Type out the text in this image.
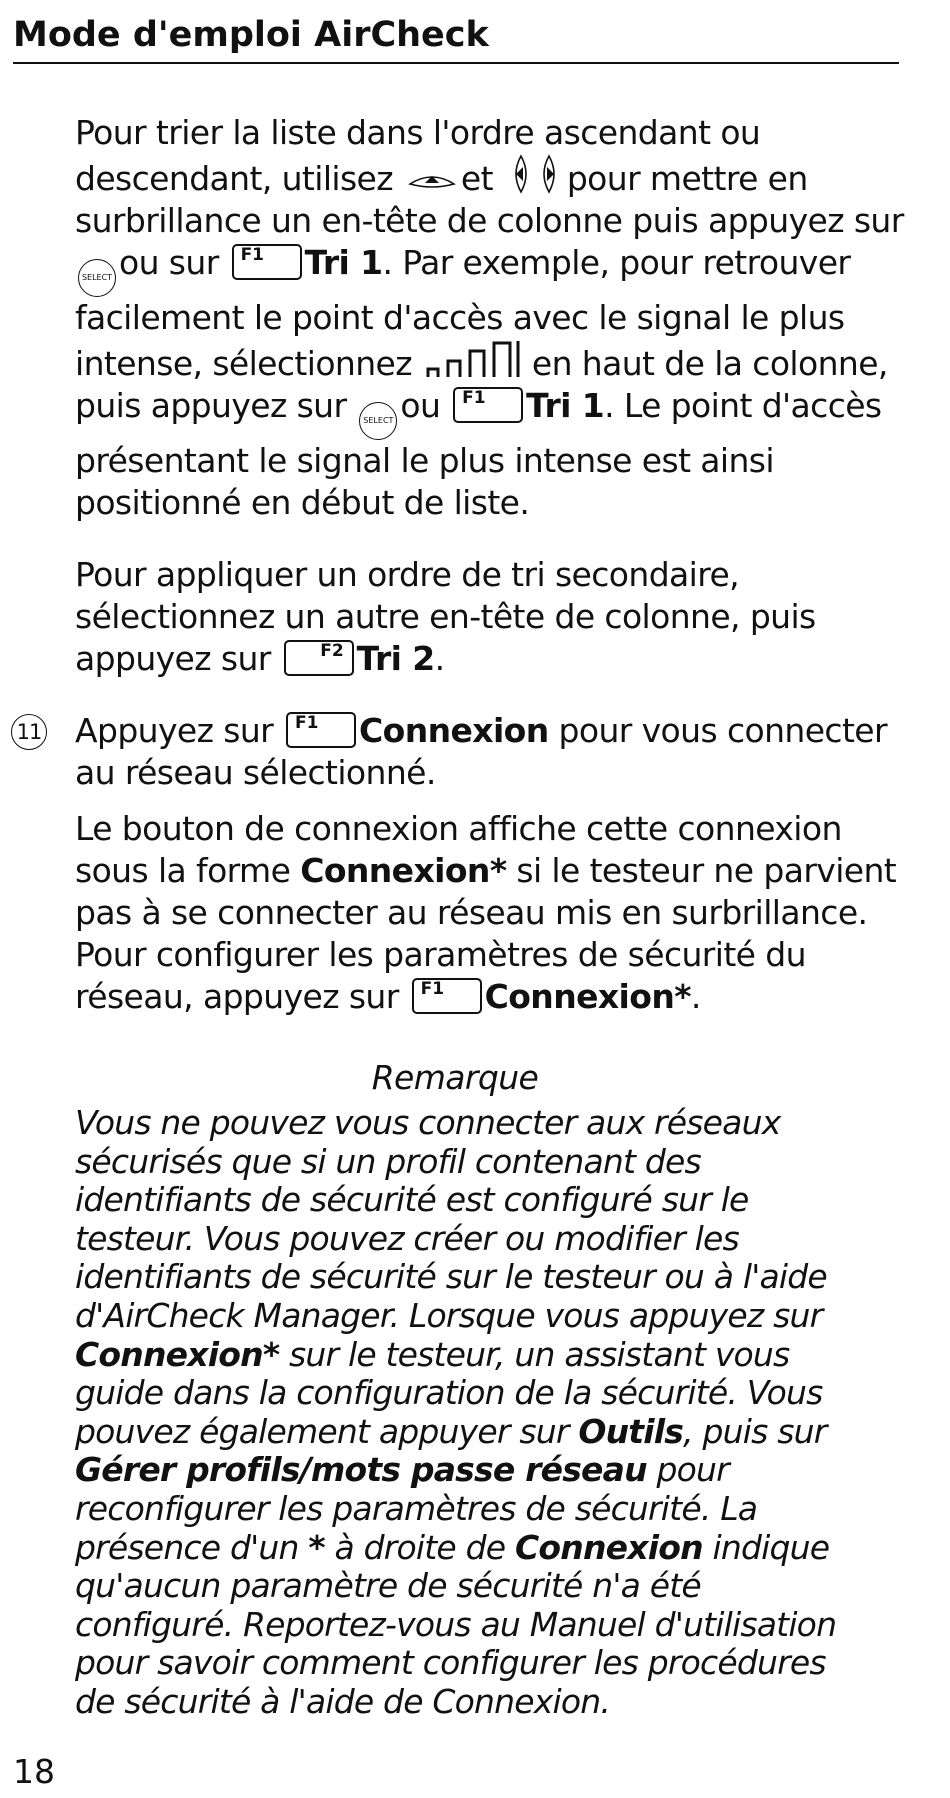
Mode d'emploi AirCheck

Pour trier la liste dans l'ordre ascendant ou descendant, utilisez et pour mettre en surbrillance un en-tête de colonne puis appuyez sur SELECT ou sur F1 Tri 1. Par exemple, pour retrouver facilement le point d'accès avec le signal le plus intense, sélectionnez	en haut de la colonne, puis appuyez sur SELECT ou F1 Tri 1. Le point d'accès présentant le signal le plus intense est ainsi positionné en début de liste.

Pour appliquer un ordre de tri secondaire, sélectionnez un autre en-tête de colonne, puis appuyez sur	F2 Tri 2.

11 Appuyez sur F1 Connexion pour vous connecter au réseau sélectionné.

Le bouton de connexion affiche cette connexion sous la forme Connexion* si le testeur ne parvient pas à se connecter au réseau mis en surbrillance. Pour configurer les paramètres de sécurité du réseau, appuyez sur F1 Connexion*.

Remarque

Vous ne pouvez vous connecter aux réseaux sécurisés que si un profil contenant des identifiants de sécurité est configuré sur le testeur. Vous pouvez créer ou modifier les identifiants de sécurité sur le testeur ou à l'aide d'AirCheck Manager. Lorsque vous appuyez sur Connexion* sur le testeur, un assistant vous guide dans la configuration de la sécurité. Vous pouvez également appuyer sur Outils, puis sur Gérer profils/mots passe réseau pour reconfigurer les paramètres de sécurité. La présence d'un * à droite de Connexion indique qu'aucun paramètre de sécurité n'a été configuré. Reportez-vous au Manuel d'utilisation pour savoir comment configurer les procédures de sécurité à l'aide de Connexion.

18
